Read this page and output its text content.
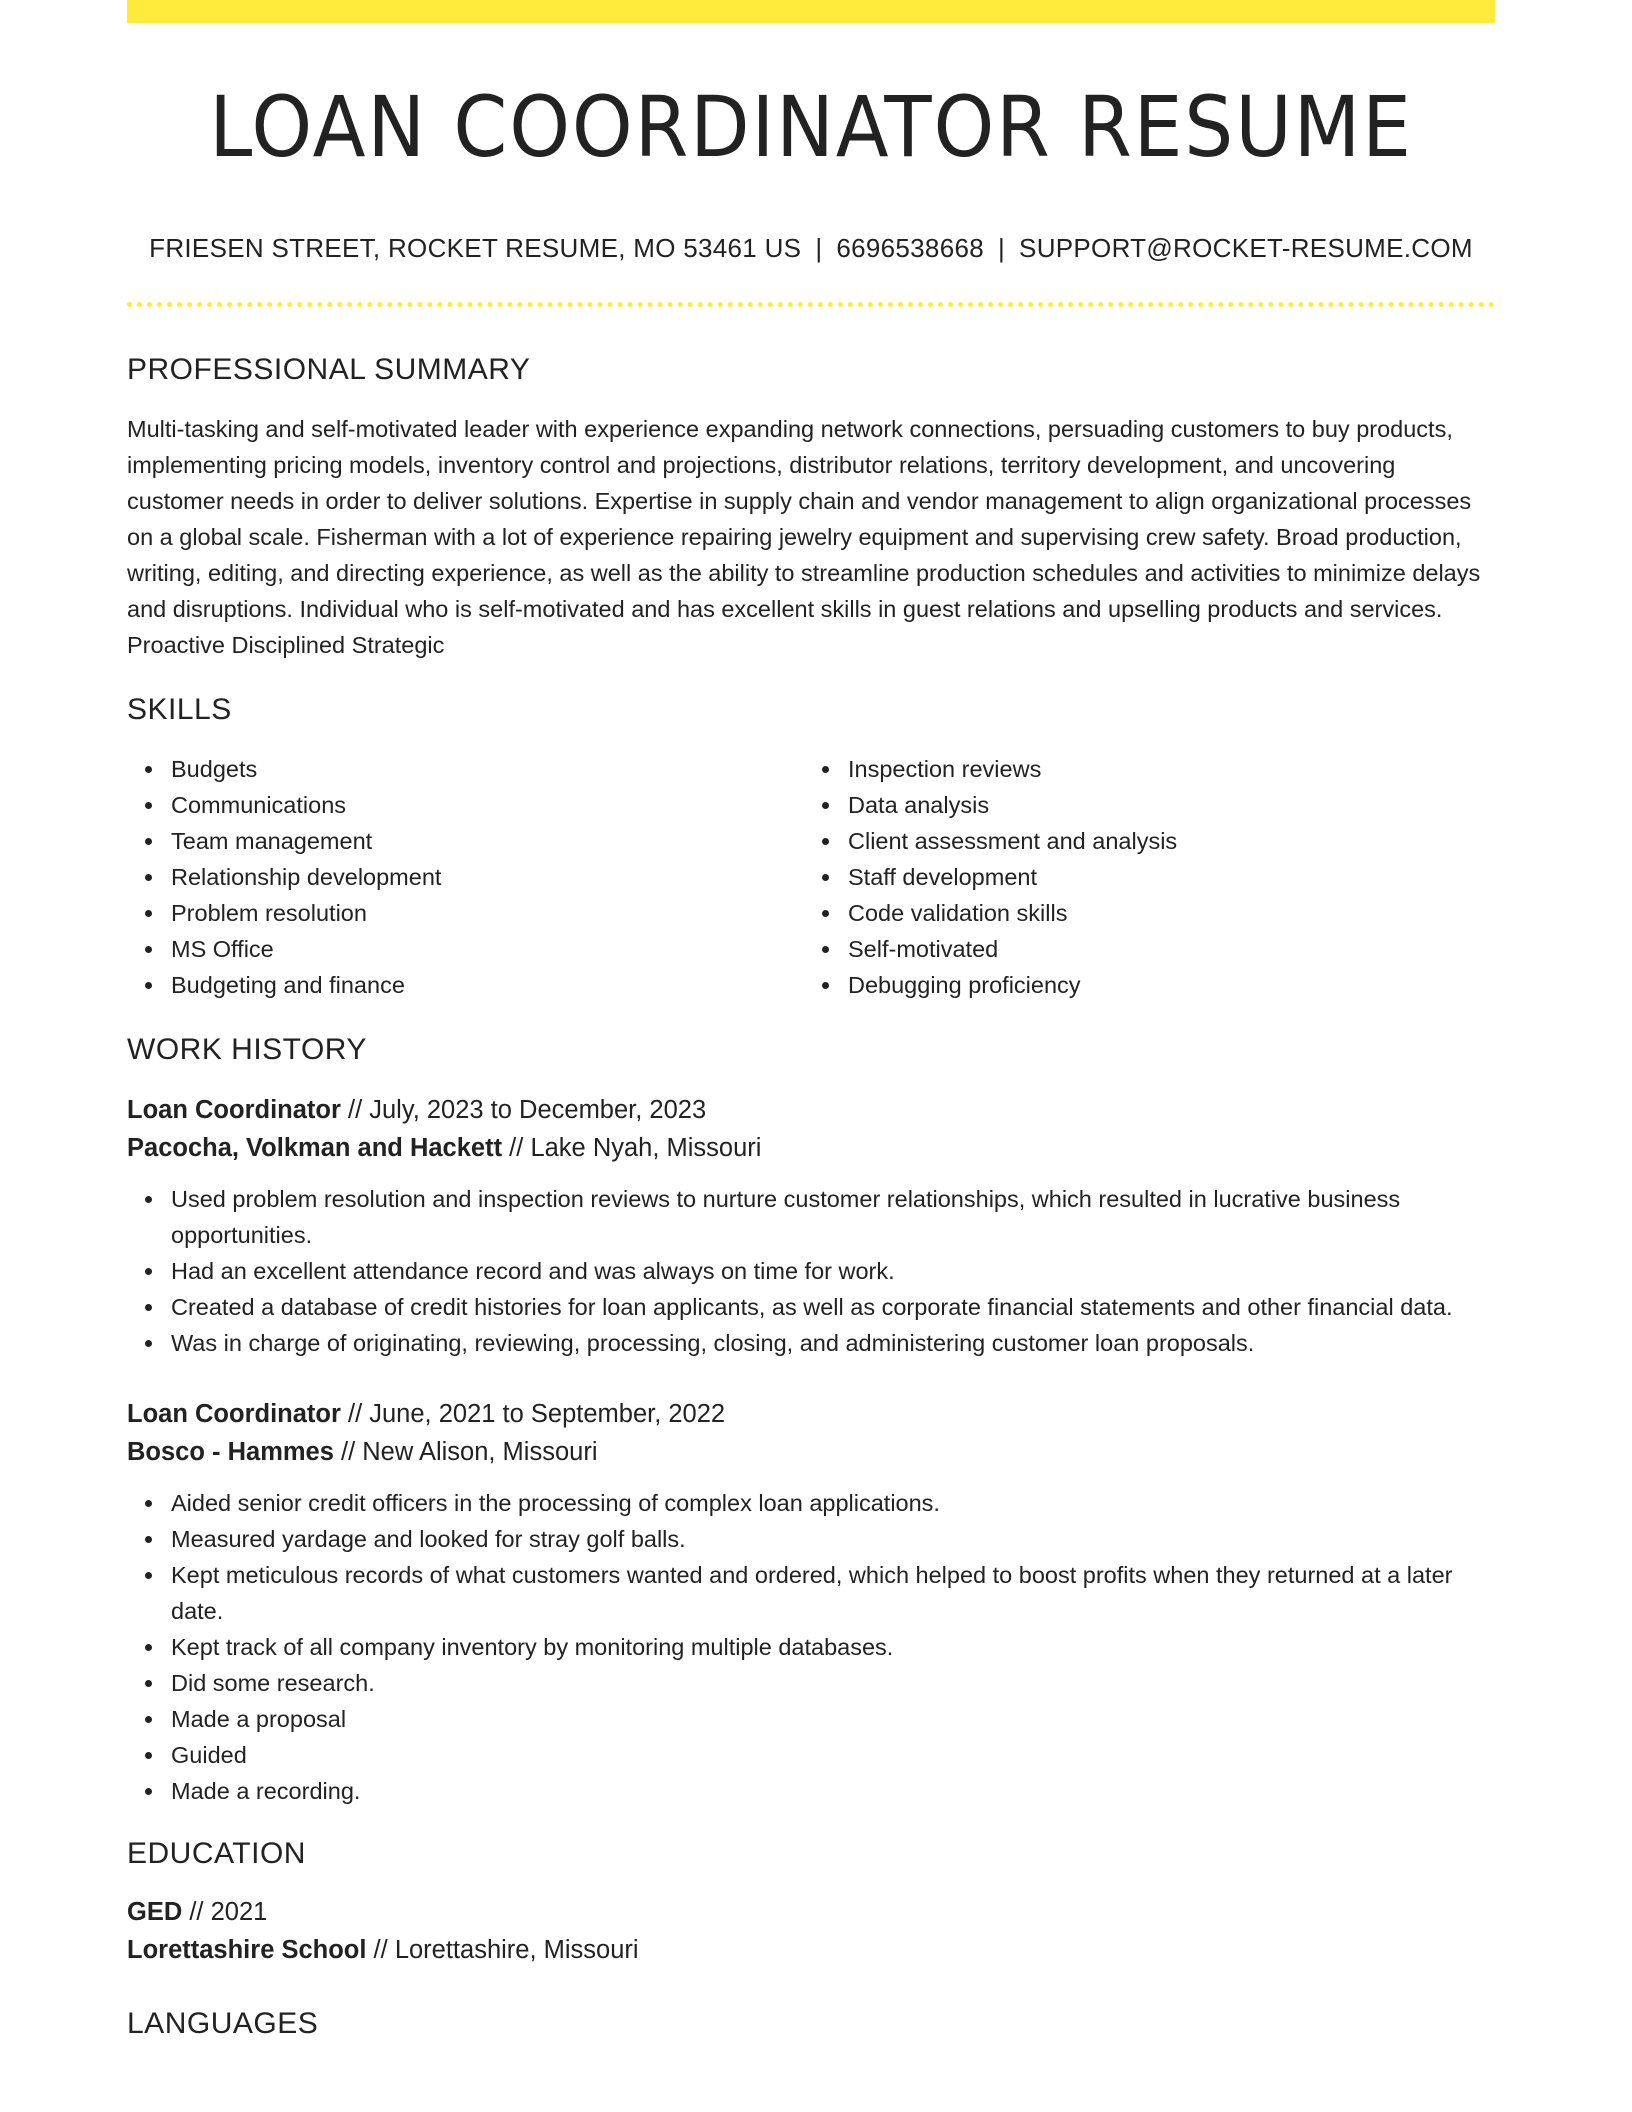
LOAN COORDINATOR RESUME
FRIESEN STREET, ROCKET RESUME, MO 53461 US | 6696538668 | SUPPORT@ROCKET-RESUME.COM
PROFESSIONAL SUMMARY

Multi-tasking and self-motivated leader with experience expanding network connections, persuading customers to buy products, implementing pricing models, inventory control and projections, distributor relations, territory development, and uncovering customer needs in order to deliver solutions. Expertise in supply chain and vendor management to align organizational processes on a global scale. Fisherman with a lot of experience repairing jewelry equipment and supervising crew safety. Broad production, writing, editing, and directing experience, as well as the ability to streamline production schedules and activities to minimize delays and disruptions. Individual who is self-motivated and has excellent skills in guest relations and upselling products and services. Proactive Disciplined Strategic

SKILLS
Budgets
Communications
Team management
Relationship development
Problem resolution
MS Office
Budgeting and finance
Inspection reviews
Data analysis
Client assessment and analysis
Staff development
Code validation skills
Self-motivated
Debugging proficiency
WORK HISTORY
Loan Coordinator // July, 2023 to December, 2023
Pacocha, Volkman and Hackett // Lake Nyah, Missouri
Used problem resolution and inspection reviews to nurture customer relationships, which resulted in lucrative business opportunities.
Had an excellent attendance record and was always on time for work.
Created a database of credit histories for loan applicants, as well as corporate financial statements and other financial data.
Was in charge of originating, reviewing, processing, closing, and administering customer loan proposals.
Loan Coordinator // June, 2021 to September, 2022
Bosco - Hammes // New Alison, Missouri
Aided senior credit officers in the processing of complex loan applications.
Measured yardage and looked for stray golf balls.
Kept meticulous records of what customers wanted and ordered, which helped to boost profits when they returned at a later date.
Kept track of all company inventory by monitoring multiple databases.
Did some research.
Made a proposal
Guided
Made a recording.
EDUCATION
GED // 2021
Lorettashire School // Lorettashire, Missouri
LANGUAGES
